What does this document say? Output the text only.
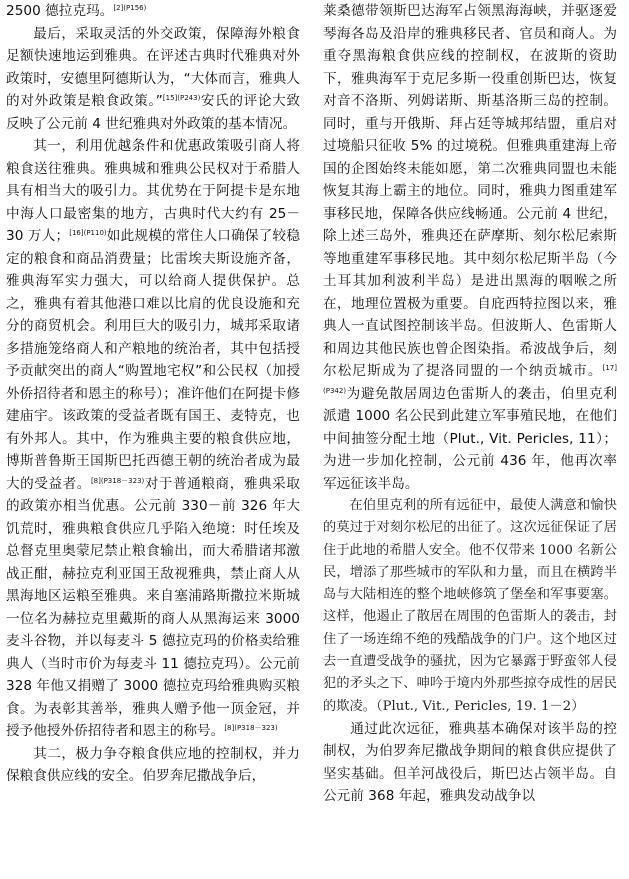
2500 德拉克玛。$^{[2](P156)}$

最后，采取灵活的外交政策，保障海外粮食足额快速地运到雅典。在评述古典时代雅典对外政策时，安德里阿德斯认为，“大体而言，雅典人的对外政策是粮食政策。”$^{[15](P243)}$安氏的评论大致反映了公元前 4 世纪雅典对外政策的基本情况。

其一，利用优越条件和优惠政策吸引商人将粮食送往雅典。雅典城和雅典公民权对于希腊人具有相当大的吸引力。其优势在于阿提卡是东地中海人口最密集的地方，古典时代大约有 25－30 万人；$^{[16](P110)}$如此规模的常住人口确保了较稳定的粮食和商品消费量；比雷埃夫斯设施齐备，雅典海军实力强大，可以给商人提供保护。总之，雅典有着其他港口难以比肩的优良设施和充分的商贸机会。利用巨大的吸引力，城邦采取诸多措施笼络商人和产粮地的统治者，其中包括授予贡献突出的商人“购置地宅权”和公民权（加授外侨招待者和恩主的称号）；准许他们在阿提卡修建庙宇。该政策的受益者既有国王、麦特克，也有外邦人。其中，作为雅典主要的粮食供应地，博斯普鲁斯王国斯巴托西德王朝的统治者成为最大的受益者。$^{[8](P318-323)}$对于普通粮商，雅典采取的政策亦相当优惠。公元前 330－前 326 年大饥荒时，雅典粮食供应几乎陷入绝境：时任埃及总督克里奥蒙尼禁止粮食输出，而大希腊诸邦激战正酣，赫拉克利亚国王敌视雅典，禁止商人从黑海地区运粮至雅典。来自塞浦路斯撒拉米斯城一位名为赫拉克里戴斯的商人从黑海运来 3000 麦斗谷物，并以每麦斗 5 德拉克玛的价格卖给雅典人（当时市价为每麦斗 11 德拉克玛）。公元前 328 年他又捐赠了 3000 德拉克玛给雅典购买粮食。为表彰其善举，雅典人赠予他一顶金冠，并授予他授外侨招待者和恩主的称号。$^{[8](P318-323)}$

其二，极力争夺粮食供应地的控制权，并力保粮食供应线的安全。伯罗奔尼撒战争后，

莱桑德带领斯巴达海军占领黑海海峡，并驱逐爱琴海各岛及沿岸的雅典移民者、官员和商人。为重夺黑海粮食供应线的控制权，在波斯的资助下，雅典海军于克尼多斯一役重创斯巴达，恢复对音不洛斯、列姆诺斯、斯基洛斯三岛的控制。同时，重与开俄斯、拜占廷等城邦结盟，重启对过境船只征收 5% 的过境税。但雅典重建海上帝国的企图始终未能如愿，第二次雅典同盟也未能恢复其海上霸主的地位。同时，雅典力图重建军事移民地，保障各供应线畅通。公元前 4 世纪，除上述三岛外，雅典还在萨摩斯、刻尔松尼索斯等地重建军事移民地。其中刻尔松尼斯半岛（今土耳其加利波利半岛）是进出黑海的咽喉之所在，地理位置极为重要。自庇西特拉图以来，雅典人一直试图控制该半岛。但波斯人、色雷斯人和周边其他民族也曾企图染指。希波战争后，刻尔松尼斯成为了提洛同盟的一个纳贡城市。$^{[17](P342)}$为避免散居周边色雷斯人的袭击，伯里克利派遣 1000 名公民到此建立军事殖民地，在他们中间抽签分配土地（Plut., Vit. Pericles, 11）；为进一步加化控制，公元前 436 年，他再次率军远征该半岛。

在伯里克利的所有远征中，最使人满意和愉快的莫过于对刻尔松尼的出征了。这次远征保证了居住于此地的希腊人安全。他不仅带来 1000 名新公民，增添了那些城市的军队和力量，而且在横跨半岛与大陆相连的整个地峡修筑了堡垒和军事要塞。这样，他遏止了散居在周围的色雷斯人的袭击，封住了一场连绵不绝的残酷战争的门户。这个地区过去一直遭受战争的骚扰，因为它暴露于野蛮邻人侵犯的矛头之下、呻吟于境内外那些掠夺成性的居民的欺凌。（Plut., Vit., Pericles, 19. 1－2）

通过此次远征，雅典基本确保对该半岛的控制权，为伯罗奔尼撒战争期间的粮食供应提供了坚实基础。但羊河战役后，斯巴达占领半岛。自公元前 368 年起，雅典发动战争以
